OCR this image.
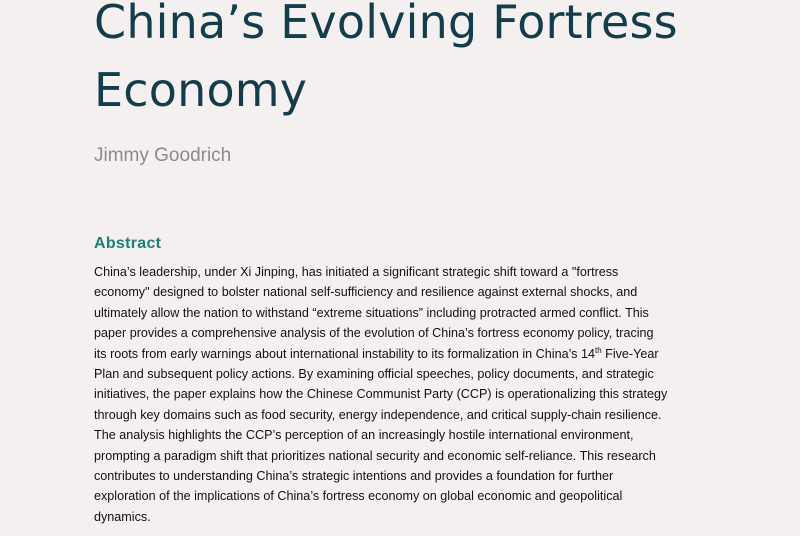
China’s Evolving Fortress
Economy

Jimmy Goodrich

Abstract
China’s leadership, under Xi Jinping, has initiated a significant strategic shift toward a "fortress
economy" designed to bolster national self-sufficiency and resilience against external shocks, and
ultimately allow the nation to withstand “extreme situations” including protracted armed conflict. This
paper provides a comprehensive analysis of the evolution of China’s fortress economy policy, tracing
its roots from early warnings about international instability to its formalization in China’s 14th Five-Year
Plan and subsequent policy actions. By examining official speeches, policy documents, and strategic
initiatives, the paper explains how the Chinese Communist Party (CCP) is operationalizing this strategy
through key domains such as food security, energy independence, and critical supply-chain resilience.
The analysis highlights the CCP’s perception of an increasingly hostile international environment,
prompting a paradigm shift that prioritizes national security and economic self-reliance. This research
contributes to understanding China’s strategic intentions and provides a foundation for further
exploration of the implications of China’s fortress economy on global economic and geopolitical
dynamics.
